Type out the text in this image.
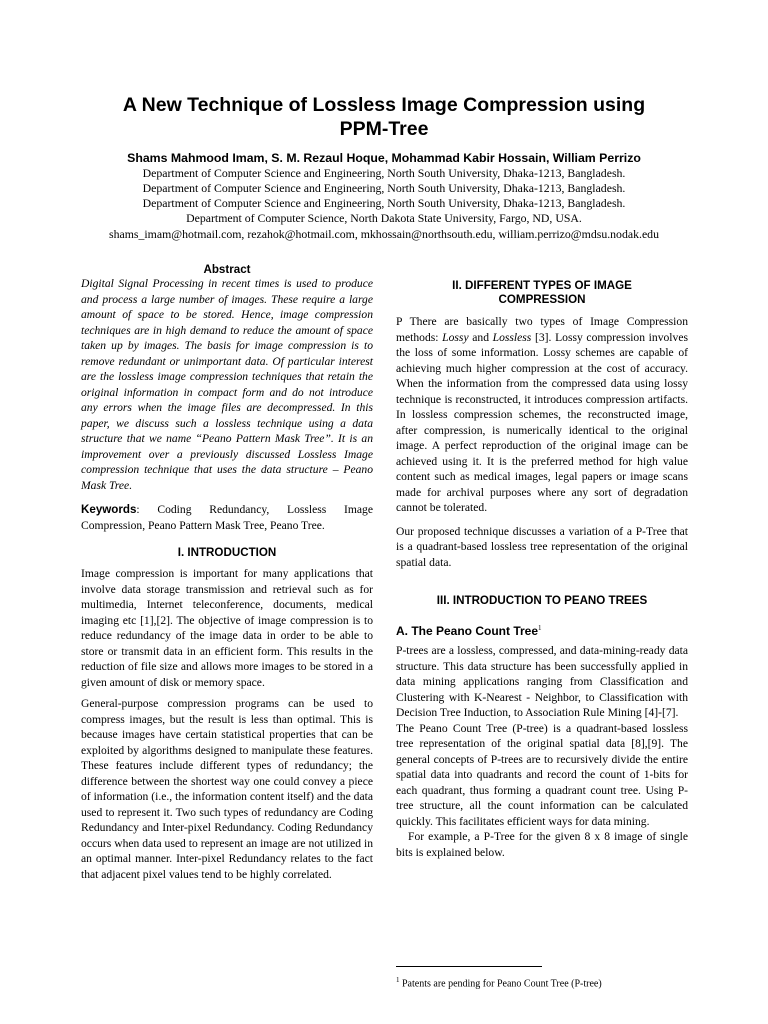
A New Technique of Lossless Image Compression using
PPM-Tree
Shams Mahmood Imam, S. M. Rezaul Hoque, Mohammad Kabir Hossain, William Perrizo
Department of Computer Science and Engineering, North South University, Dhaka-1213, Bangladesh.
Department of Computer Science and Engineering, North South University, Dhaka-1213, Bangladesh.
Department of Computer Science and Engineering, North South University, Dhaka-1213, Bangladesh.
Department of Computer Science, North Dakota State University, Fargo, ND, USA.
shams_imam@hotmail.com, rezahok@hotmail.com, mkhossain@northsouth.edu, william.perrizo@mdsu.nodak.edu
Abstract

Digital Signal Processing in recent times is used to produce and process a large number of images. These require a large amount of space to be stored. Hence, image compression techniques are in high demand to reduce the amount of space taken up by images. The basis for image compression is to remove redundant or unimportant data. Of particular interest are the lossless image compression techniques that retain the original information in compact form and do not introduce any errors when the image files are decompressed. In this paper, we discuss such a lossless technique using a data structure that we name “Peano Pattern Mask Tree”. It is an improvement over a previously discussed Lossless Image compression technique that uses the data structure – Peano Mask Tree.

Keywords: Coding Redundancy, Lossless Image Compression, Peano Pattern Mask Tree, Peano Tree.

I. INTRODUCTION

Image compression is important for many applications that involve data storage transmission and retrieval such as for multimedia, Internet teleconference, documents, medical imaging etc [1],[2]. The objective of image compression is to reduce redundancy of the image data in order to be able to store or transmit data in an efficient form. This results in the reduction of file size and allows more images to be stored in a given amount of disk or memory space.

General-purpose compression programs can be used to compress images, but the result is less than optimal. This is because images have certain statistical properties that can be exploited by algorithms designed to manipulate these features. These features include different types of redundancy; the difference between the shortest way one could convey a piece of information (i.e., the information content itself) and the data used to represent it. Two such types of redundancy are Coding Redundancy and Inter-pixel Redundancy. Coding Redundancy occurs when data used to represent an image are not utilized in an optimal manner. Inter-pixel Redundancy relates to the fact that adjacent pixel values tend to be highly correlated.

II. DIFFERENT TYPES OF IMAGE
COMPRESSION

P There are basically two types of Image Compression methods: Lossy and Lossless [3]. Lossy compression involves the loss of some information. Lossy schemes are capable of achieving much higher compression at the cost of accuracy. When the information from the compressed data using lossy technique is reconstructed, it introduces compression artifacts. In lossless compression schemes, the reconstructed image, after compression, is numerically identical to the original image. A perfect reproduction of the original image can be achieved using it. It is the preferred method for high value content such as medical images, legal papers or image scans made for archival purposes where any sort of degradation cannot be tolerated.

Our proposed technique discusses a variation of a P-Tree that is a quadrant-based lossless tree representation of the original spatial data.

III. INTRODUCTION TO PEANO TREES
A. The Peano Count Tree$^1$

P-trees are a lossless, compressed, and data-mining-ready data structure. This data structure has been successfully applied in data mining applications ranging from Classification and Clustering with K-Nearest - Neighbor, to Classification with Decision Tree Induction, to Association Rule Mining [4]-[7].

The Peano Count Tree (P-tree) is a quadrant-based lossless tree representation of the original spatial data [8],[9]. The general concepts of P-trees are to recursively divide the entire spatial data into quadrants and record the count of 1-bits for each quadrant, thus forming a quadrant count tree. Using P-tree structure, all the count information can be calculated quickly. This facilitates efficient ways for data mining.

For example, a P-Tree for the given 8 x 8 image of single bits is explained below.

$^1$ Patents are pending for Peano Count Tree (P-tree)
